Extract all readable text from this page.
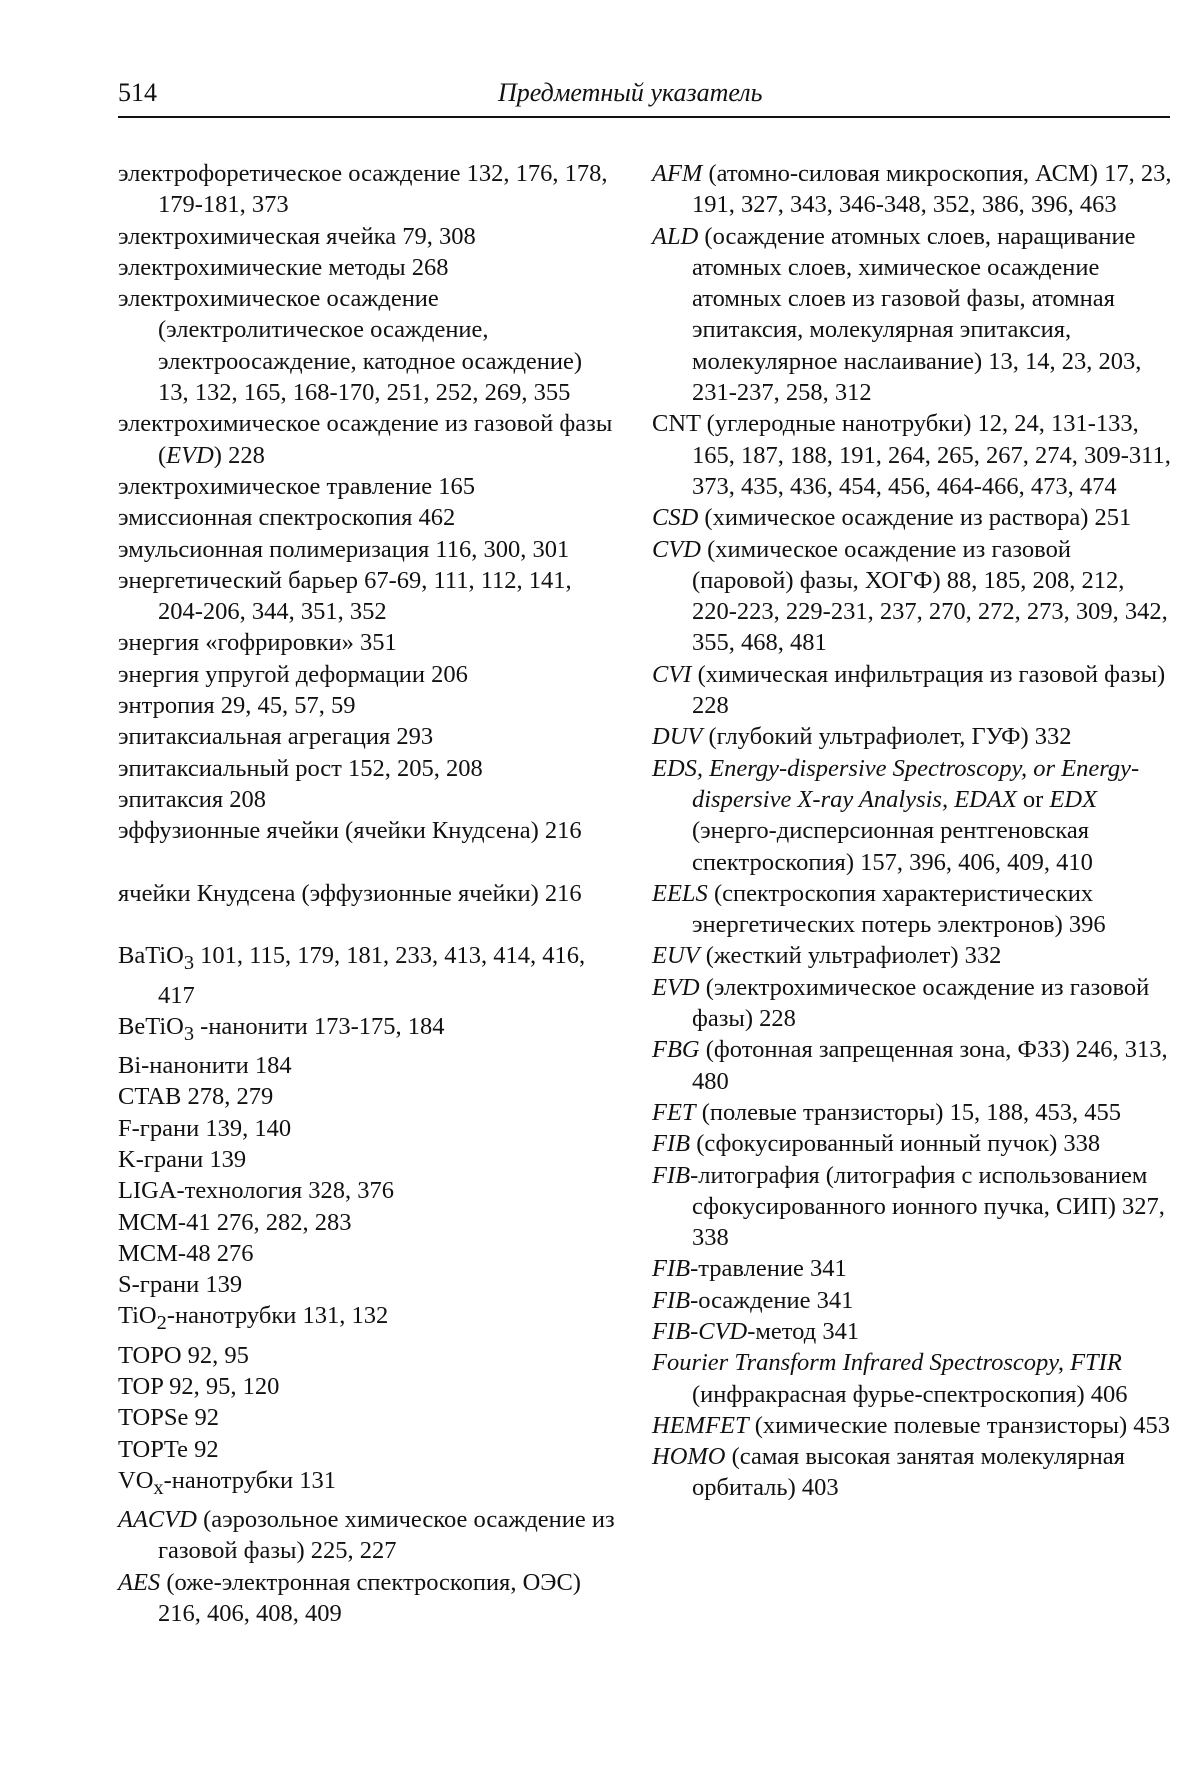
514	Предметный указатель
электрофоретическое осаждение 132, 176, 178, 179-181, 373
электрохимическая ячейка 79, 308
электрохимические методы 268
электрохимическое осаждение (электролитическое осаждение, электроосаждение, катодное осаждение) 13, 132, 165, 168-170, 251, 252, 269, 355
электрохимическое осаждение из газовой фазы (EVD) 228
электрохимическое травление 165
эмиссионная спектроскопия 462
эмульсионная полимеризация 116, 300, 301
энергетический барьер 67-69, 111, 112, 141, 204-206, 344, 351, 352
энергия «гофрировки» 351
энергия упругой деформации 206
энтропия 29, 45, 57, 59
эпитаксиальная агрегация 293
эпитаксиальный рост 152, 205, 208
эпитаксия 208
эффузионные ячейки (ячейки Кнудсена) 216
ячейки Кнудсена (эффузионные ячейки) 216
BaTiO3 101, 115, 179, 181, 233, 413, 414, 416, 417
BeTiO3 -нанонити 173-175, 184
Bi-нанонити 184
CTAB 278, 279
F-грани 139, 140
K-грани 139
LIGA-технология 328, 376
MCM-41 276, 282, 283
MCM-48 276
S-грани 139
TiO2-нанотрубки 131, 132
TOPO 92, 95
TOP 92, 95, 120
TOPSe 92
TOPTe 92
VOx-нанотрубки 131
AACVD (аэрозольное химическое осаждение из газовой фазы) 225, 227
AES (оже-электронная спектроскопия, ОЭС) 216, 406, 408, 409
AFM (атомно-силовая микроскопия, АСМ) 17, 23, 191, 327, 343, 346-348, 352, 386, 396, 463
ALD (осаждение атомных слоев, наращивание атомных слоев, химическое осаждение атомных слоев из газовой фазы, атомная эпитаксия, молекулярная эпитаксия, молекулярное наслаивание) 13, 14, 23, 203, 231-237, 258, 312
CNT (углеродные нанотрубки) 12, 24, 131-133, 165, 187, 188, 191, 264, 265, 267, 274, 309-311, 373, 435, 436, 454, 456, 464-466, 473, 474
CSD (химическое осаждение из раствора) 251
CVD (химическое осаждение из газовой (паровой) фазы, ХОГФ) 88, 185, 208, 212, 220-223, 229-231, 237, 270, 272, 273, 309, 342, 355, 468, 481
CVI (химическая инфильтрация из газовой фазы) 228
DUV (глубокий ультрафиолет, ГУФ) 332
EDS, Energy-dispersive Spectroscopy, or Energy-dispersive X-ray Analysis, EDAX or EDX (энерго-дисперсионная рентгеновская спектроскопия) 157, 396, 406, 409, 410
EELS (спектроскопия характеристических энергетических потерь электронов) 396
EUV (жесткий ультрафиолет) 332
EVD (электрохимическое осаждение из газовой фазы) 228
FBG (фотонная запрещенная зона, ФЗЗ) 246, 313, 480
FET (полевые транзисторы) 15, 188, 453, 455
FIB (сфокусированный ионный пучок) 338
FIB-литография (литография с использованием сфокусированного ионного пучка, СИП) 327, 338
FIB-травление 341
FIB-осаждение 341
FIB-CVD-метод 341
Fourier Transform Infrared Spectroscopy, FTIR (инфракрасная фурье-спектроскопия) 406
HEMFET (химические полевые транзисторы) 453
HOMO (самая высокая занятая молекулярная орбиталь) 403
